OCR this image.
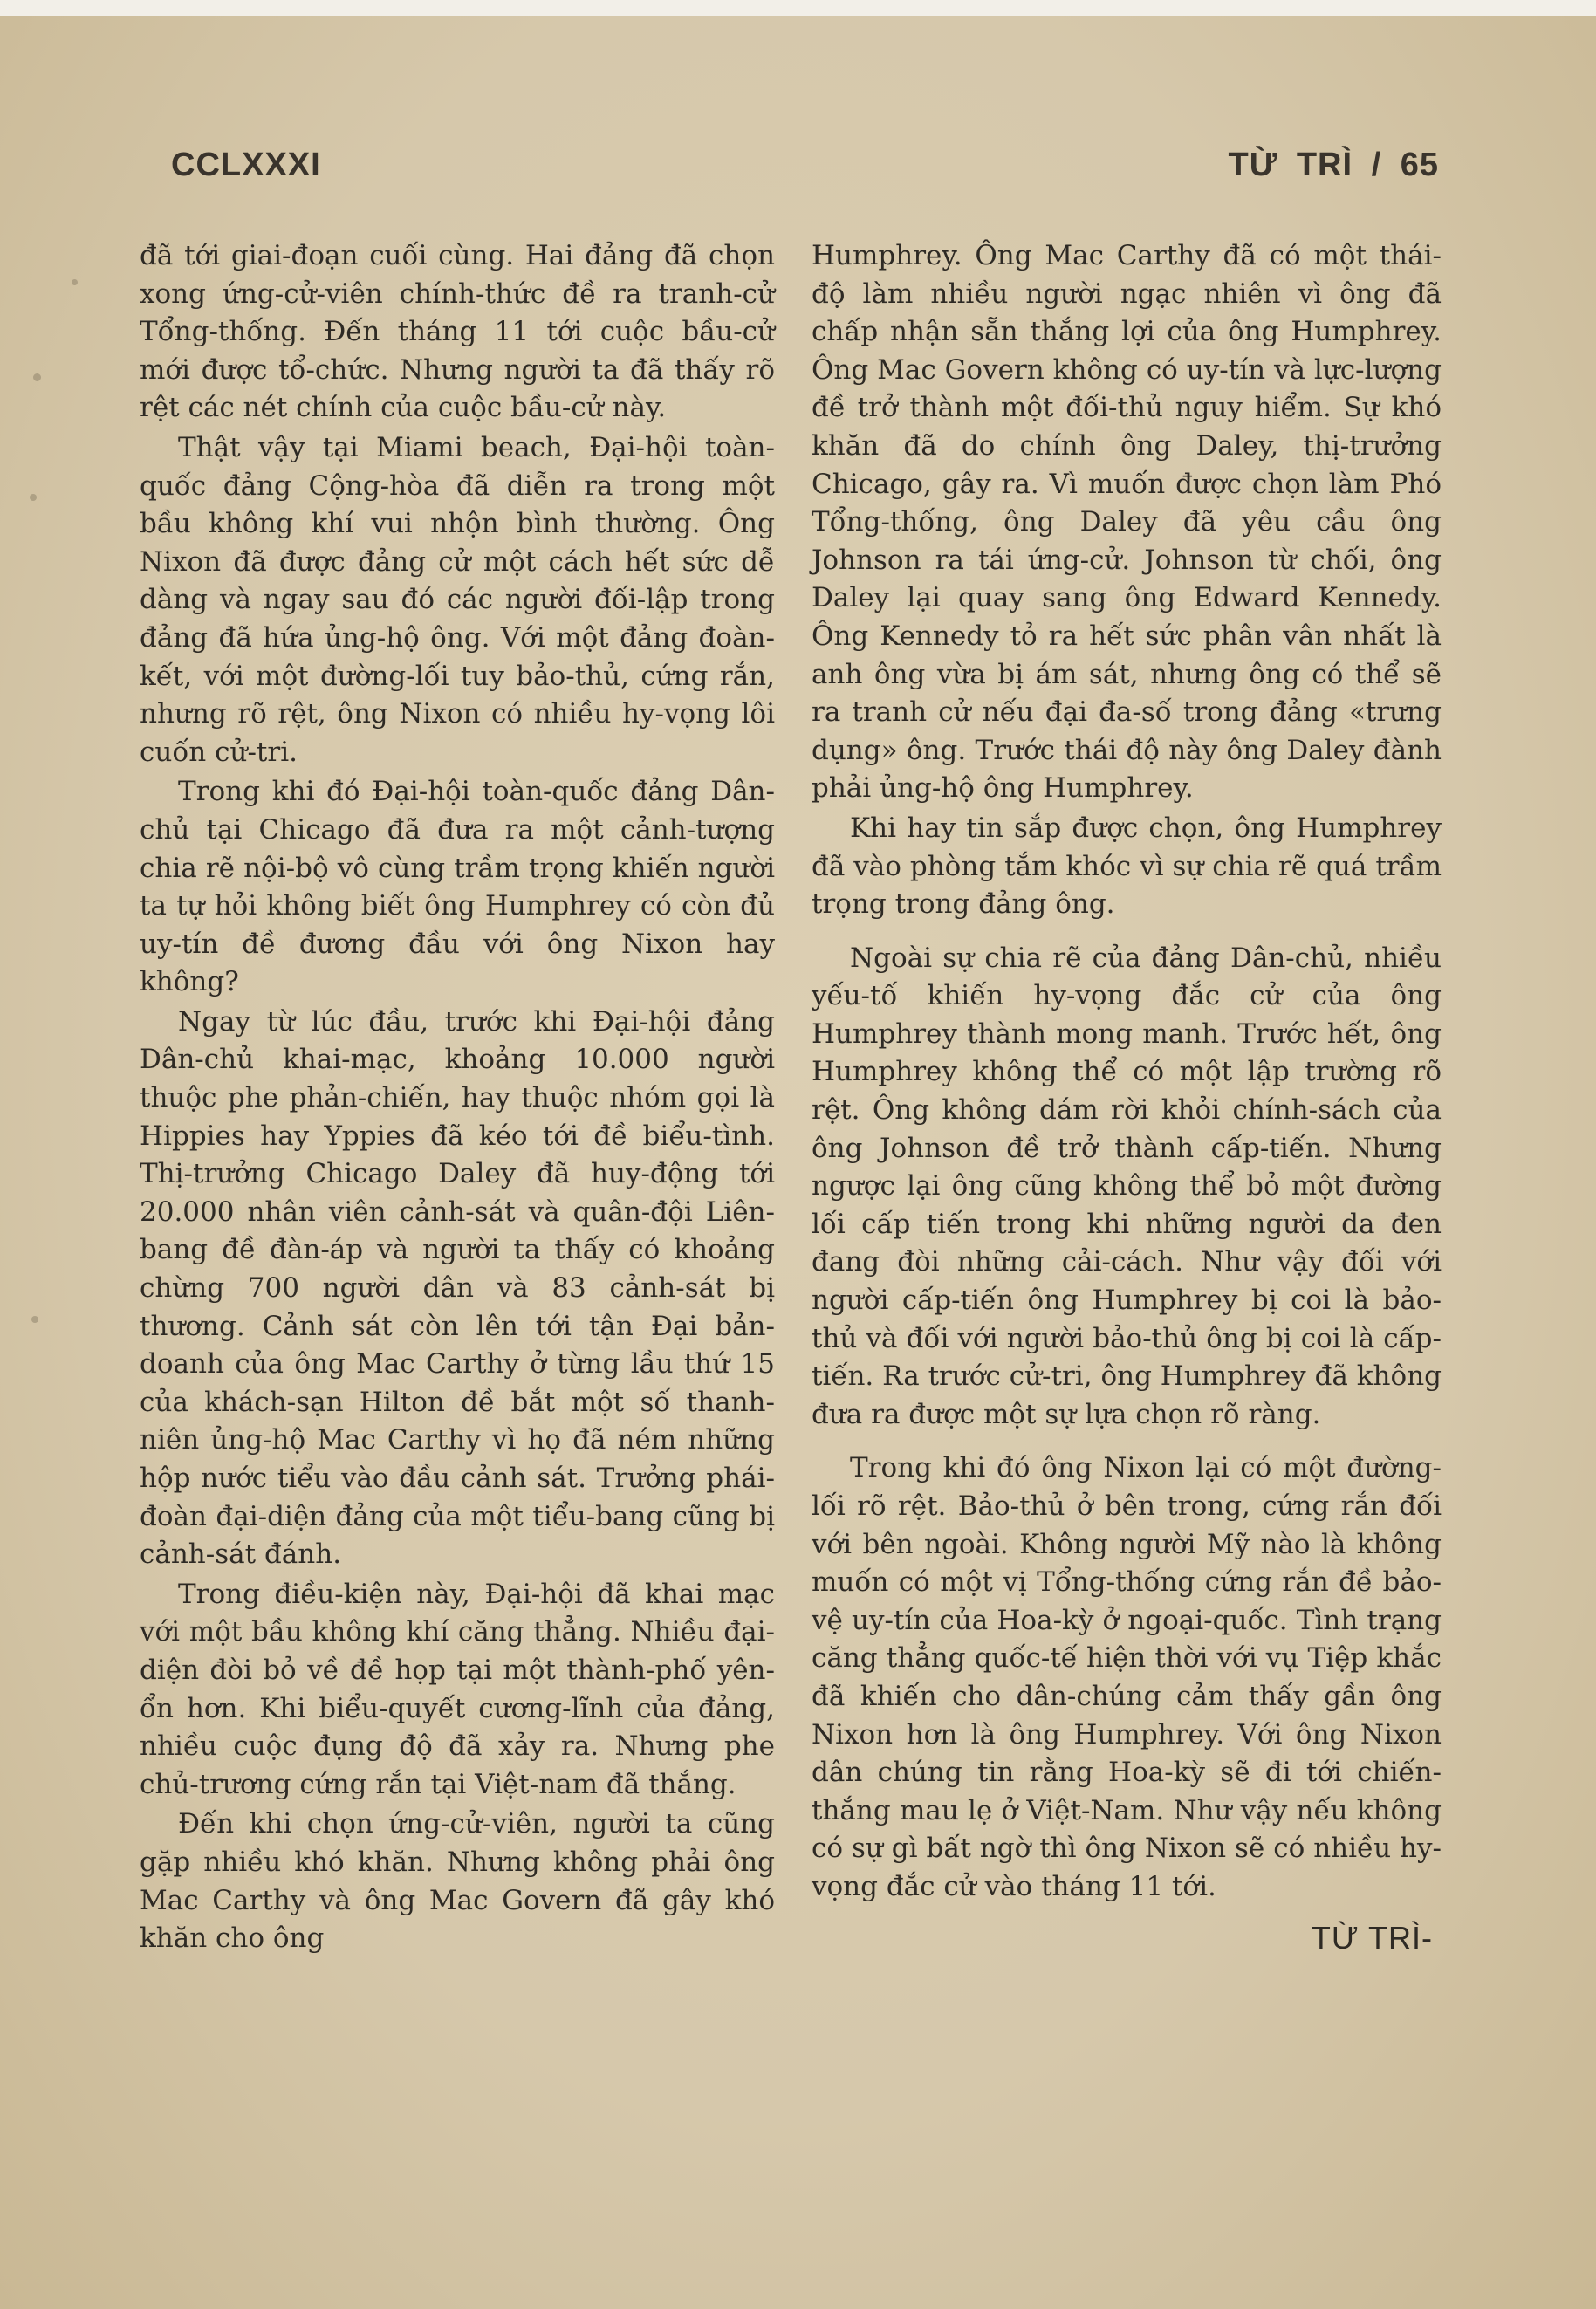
CCLXXXI	TỪ TRÌ / 65

đã tới giai-đoạn cuối cùng. Hai đảng đã chọn xong ứng-cử-viên chính-thức đề ra tranh-cử Tổng-thống. Đến tháng 11 tới cuộc bầu-cử mới được tổ-chức. Nhưng người ta đã thấy rõ rệt các nét chính của cuộc bầu-cử này.

Thật vậy tại Miami beach, Đại-hội toàn-quốc đảng Cộng-hòa đã diễn ra trong một bầu không khí vui nhộn bình thường. Ông Nixon đã được đảng cử một cách hết sức dễ dàng và ngay sau đó các người đối-lập trong đảng đã hứa ủng-hộ ông. Với một đảng đoàn-kết, với một đường-lối tuy bảo-thủ, cứng rắn, nhưng rõ rệt, ông Nixon có nhiều hy-vọng lôi cuốn cử-tri.

Trong khi đó Đại-hội toàn-quốc đảng Dân-chủ tại Chicago đã đưa ra một cảnh-tượng chia rẽ nội-bộ vô cùng trầm trọng khiến người ta tự hỏi không biết ông Humphrey có còn đủ uy-tín đề đương đầu với ông Nixon hay không?

Ngay từ lúc đầu, trước khi Đại-hội đảng Dân-chủ khai-mạc, khoảng 10.000 người thuộc phe phản-chiến, hay thuộc nhóm gọi là Hippies hay Yppies đã kéo tới đề biểu-tình. Thị-trưởng Chicago Daley đã huy-động tới 20.000 nhân viên cảnh-sát và quân-đội Liên-bang đề đàn-áp và người ta thấy có khoảng chừng 700 người dân và 83 cảnh-sát bị thương. Cảnh sát còn lên tới tận Đại bản-doanh của ông Mac Carthy ở từng lầu thứ 15 của khách-sạn Hilton đề bắt một số thanh-niên ủng-hộ Mac Carthy vì họ đã ném những hộp nước tiểu vào đầu cảnh sát. Trưởng phái-đoàn đại-diện đảng của một tiểu-bang cũng bị cảnh-sát đánh.

Trong điều-kiện này, Đại-hội đã khai mạc với một bầu không khí căng thẳng. Nhiều đại-diện đòi bỏ về đề họp tại một thành-phố yên-ổn hơn. Khi biểu-quyết cương-lĩnh của đảng, nhiều cuộc đụng độ đã xảy ra. Nhưng phe chủ-trương cứng rắn tại Việt-nam đã thắng.

Đến khi chọn ứng-cử-viên, người ta cũng gặp nhiều khó khăn. Nhưng không phải ông Mac Carthy và ông Mac Govern đã gây khó khăn cho ông

Humphrey. Ông Mac Carthy đã có một thái-độ làm nhiều người ngạc nhiên vì ông đã chấp nhận sẵn thắng lợi của ông Humphrey. Ông Mac Govern không có uy-tín và lực-lượng đề trở thành một đối-thủ nguy hiểm. Sự khó khăn đã do chính ông Daley, thị-trưởng Chicago, gây ra. Vì muốn được chọn làm Phó Tổng-thống, ông Daley đã yêu cầu ông Johnson ra tái ứng-cử. Johnson từ chối, ông Daley lại quay sang ông Edward Kennedy. Ông Kennedy tỏ ra hết sức phân vân nhất là anh ông vừa bị ám sát, nhưng ông có thể sẽ ra tranh cử nếu đại đa-số trong đảng «trưng dụng» ông. Trước thái độ này ông Daley đành phải ủng-hộ ông Humphrey.

Khi hay tin sắp được chọn, ông Humphrey đã vào phòng tắm khóc vì sự chia rẽ quá trầm trọng trong đảng ông.

Ngoài sự chia rẽ của đảng Dân-chủ, nhiều yếu-tố khiến hy-vọng đắc cử của ông Humphrey thành mong manh. Trước hết, ông Humphrey không thể có một lập trường rõ rệt. Ông không dám rời khỏi chính-sách của ông Johnson đề trở thành cấp-tiến. Nhưng ngược lại ông cũng không thể bỏ một đường lối cấp tiến trong khi những người da đen đang đòi những cải-cách. Như vậy đối với người cấp-tiến ông Humphrey bị coi là bảo-thủ và đối với người bảo-thủ ông bị coi là cấp-tiến. Ra trước cử-tri, ông Humphrey đã không đưa ra được một sự lựa chọn rõ ràng.

Trong khi đó ông Nixon lại có một đường-lối rõ rệt. Bảo-thủ ở bên trong, cứng rắn đối với bên ngoài. Không người Mỹ nào là không muốn có một vị Tổng-thống cứng rắn đề bảo-vệ uy-tín của Hoa-kỳ ở ngoại-quốc. Tình trạng căng thẳng quốc-tế hiện thời với vụ Tiệp khắc đã khiến cho dân-chúng cảm thấy gần ông Nixon hơn là ông Humphrey. Với ông Nixon dân chúng tin rằng Hoa-kỳ sẽ đi tới chiến-thắng mau lẹ ở Việt-Nam. Như vậy nếu không có sự gì bất ngờ thì ông Nixon sẽ có nhiều hy-vọng đắc cử vào tháng 11 tới.

TỪ TRÌ-
